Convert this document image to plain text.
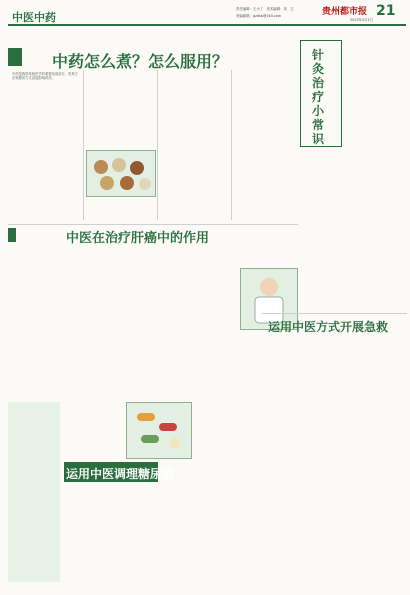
中医中药
责任编辑：王小丁　美术编辑：刘　卫
采编邮箱：gzdsb@163.com	贵州都市报 21
2023年3月1日
中药怎么煮？怎么服用？
中药是我国传统医学的重要组成部分，煎煮方法和服用方式直接影响药效。
针灸治疗小常识
中医在治疗肝癌中的作用
运用中医方式开展急救
运用中医调理糖尿病
